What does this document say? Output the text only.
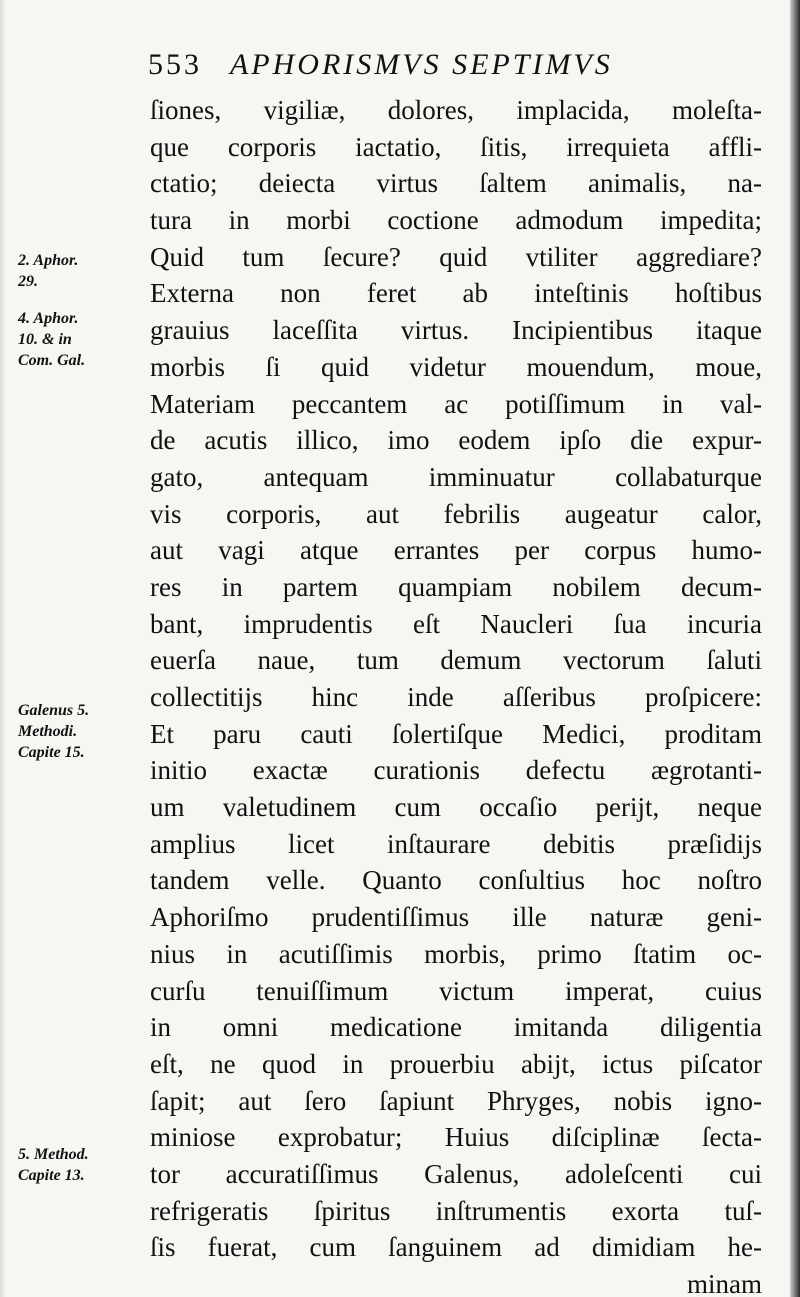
553 APHORISMVS SEPTIMVS
ſiones, vigiliæ, dolores, implacida, moleſta-
que corporis iactatio, ſitis, irrequieta affli-
ctatio; deiecta virtus ſaltem animalis, na-
tura in morbi coctione admodum impedita;
Quid tum ſecure? quid vtiliter aggrediare?
Externa non feret ab inteſtinis hoſtibus
grauius laceſſita virtus. Incipientibus itaque
morbis ſi quid videtur mouendum, moue,
Materiam peccantem ac potiſſimum in val-
de acutis illico, imo eodem ipſo die expur-
gato, antequam imminuatur collabaturque
vis corporis, aut febrilis augeatur calor,
aut vagi atque errantes per corpus humo-
res in partem quampiam nobilem decum-
bant, imprudentis eſt Naucleri ſua incuria
euerſa naue, tum demum vectorum ſaluti
collectitijs hinc inde aſſeribus proſpicere:
Et paru cauti ſolertiſque Medici, proditam
initio exactæ curationis defectu ægrotanti-
um valetudinem cum occaſio perijt, neque
amplius licet inſtaurare debitis præſidijs
tandem velle. Quanto conſultius hoc noſtro
Aphoriſmo prudentiſſimus ille naturæ geni-
nius in acutiſſimis morbis, primo ſtatim oc-
curſu tenuiſſimum victum imperat, cuius
in omni medicatione imitanda diligentia
eſt, ne quod in prouerbiu abijt, ictus piſcator
ſapit; aut ſero ſapiunt Phryges, nobis igno-
miniose exprobatur; Huius diſciplinæ ſecta-
tor accuratiſſimus Galenus, adoleſcenti cui
refrigeratis ſpiritus inſtrumentis exorta tuſ-
ſis fuerat, cum ſanguinem ad dimidiam he-
minam
2. Aphor.
29.
4. Aphor.
10. & in
Com. Gal.
Galenus 5.
Methodi.
Capite 15.
5. Method.
Capite 13.
